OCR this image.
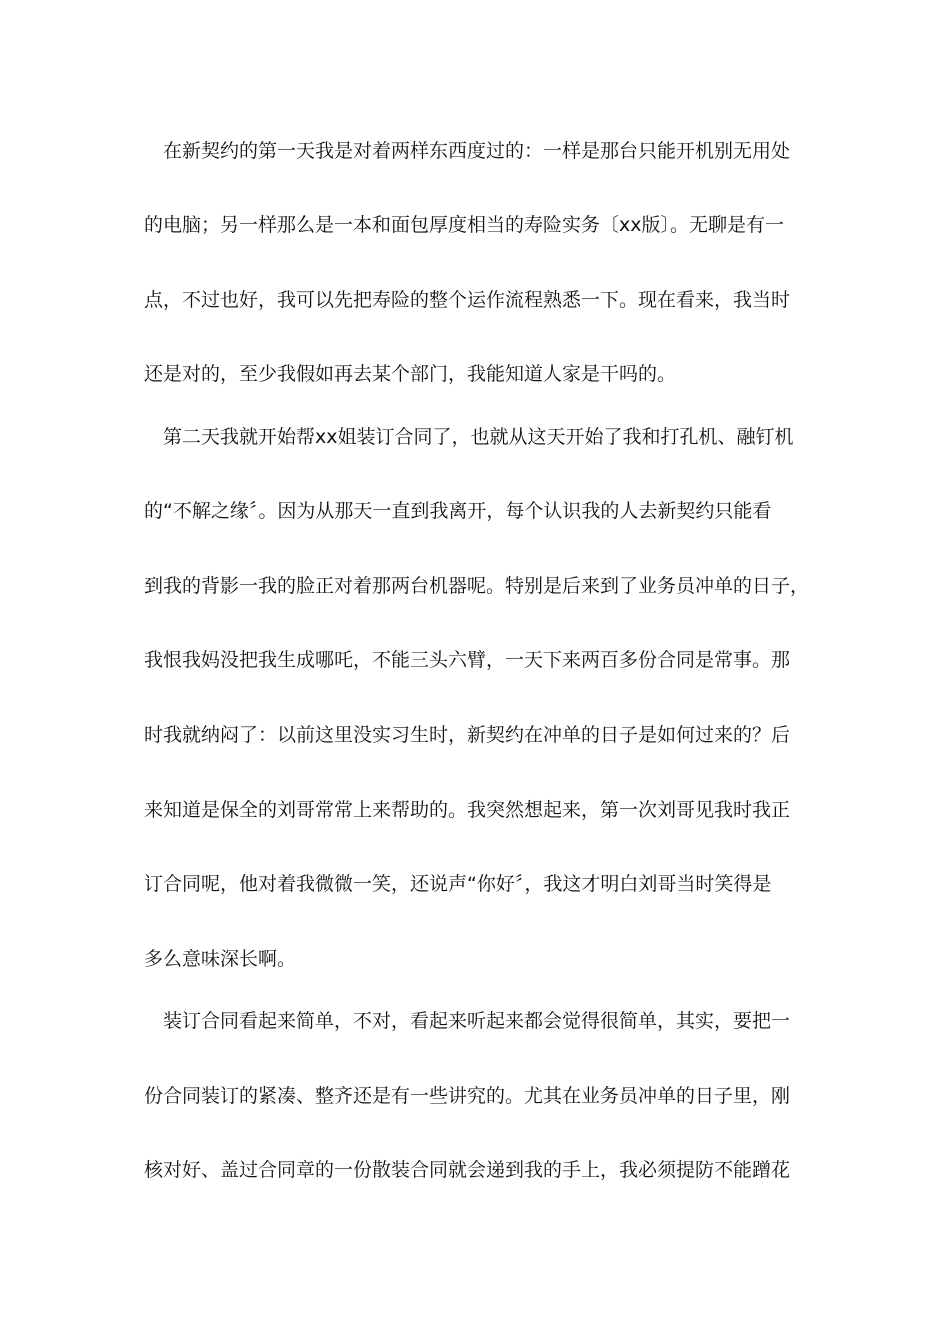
在新契约的第一天我是对着两样东西度过的：一样是那台只能开机别无用处

的电脑；另一样那么是一本和面包厚度相当的寿险实务〔xx版〕。无聊是有一

点，不过也好，我可以先把寿险的整个运作流程熟悉一下。现在看来，我当时

还是对的，至少我假如再去某个部门，我能知道人家是干吗的。

第二天我就开始帮xx姐装订合同了，也就从这天开始了我和打孔机、融钉机

的“不解之缘〞。因为从那天一直到我离开，每个认识我的人去新契约只能看

到我的背影一我的脸正对着那两台机器呢。特别是后来到了业务员冲单的日子，

我恨我妈没把我生成哪吒，不能三头六臂，一天下来两百多份合同是常事。那

时我就纳闷了：以前这里没实习生时，新契约在冲单的日子是如何过来的？后

来知道是保全的刘哥常常上来帮助的。我突然想起来，第一次刘哥见我时我正

订合同呢，他对着我微微一笑，还说声“你好〞，我这才明白刘哥当时笑得是

多么意味深长啊。

装订合同看起来简单，不对，看起来听起来都会觉得很简单，其实，要把一

份合同装订的紧凑、整齐还是有一些讲究的。尤其在业务员冲单的日子里，刚

核对好、盖过合同章的一份散装合同就会递到我的手上，我必须提防不能蹭花
